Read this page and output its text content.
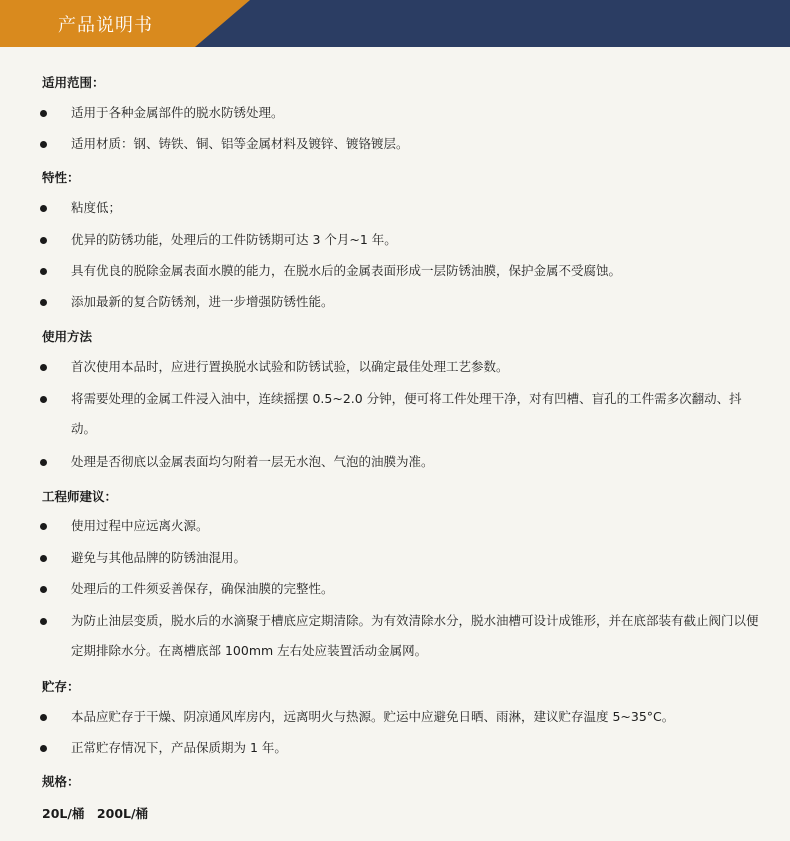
产品说明书
适用范围：
适用于各种金属部件的脱水防锈处理。
适用材质：钢、铸铁、铜、铝等金属材料及镀锌、镀铬镀层。
特性：
粘度低；
优异的防锈功能，处理后的工件防锈期可达 3 个月~1 年。
具有优良的脱除金属表面水膜的能力，在脱水后的金属表面形成一层防锈油膜，保护金属不受腐蚀。
添加最新的复合防锈剂，进一步增强防锈性能。
使用方法
首次使用本品时，应进行置换脱水试验和防锈试验，以确定最佳处理工艺参数。
将需要处理的金属工件浸入油中，连续摇摆 0.5~2.0 分钟，便可将工件处理干净，对有凹槽、盲孔的工件需多次翻动、抖动。
处理是否彻底以金属表面均匀附着一层无水泡、气泡的油膜为准。
工程师建议：
使用过程中应远离火源。
避免与其他品牌的防锈油混用。
处理后的工件须妥善保存，确保油膜的完整性。
为防止油层变质，脱水后的水滴聚于槽底应定期清除。为有效清除水分，脱水油槽可设计成锥形，并在底部装有截止阀门以便定期排除水分。在离槽底部 100mm 左右处应装置活动金属网。
贮存：
本品应贮存于干燥、阴凉通风库房内，远离明火与热源。贮运中应避免日晒、雨淋，建议贮存温度 5~35°C。
正常贮存情况下，产品保质期为 1 年。
规格：
20L/桶　200L/桶
